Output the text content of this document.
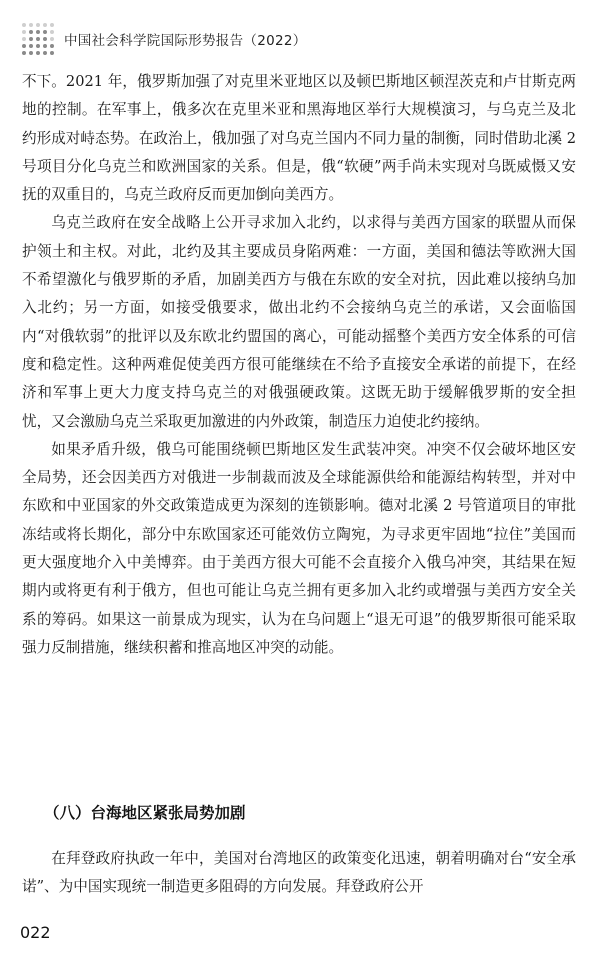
中国社会科学院国际形势报告（2022）

不下。2021 年，俄罗斯加强了对克里米亚地区以及顿巴斯地区顿涅茨克和卢甘斯克两地的控制。在军事上，俄多次在克里米亚和黑海地区举行大规模演习，与乌克兰及北约形成对峙态势。在政治上，俄加强了对乌克兰国内不同力量的制衡，同时借助北溪 2 号项目分化乌克兰和欧洲国家的关系。但是，俄“软硬”两手尚未实现对乌既威慑又安抚的双重目的，乌克兰政府反而更加倒向美西方。

乌克兰政府在安全战略上公开寻求加入北约，以求得与美西方国家的联盟从而保护领土和主权。对此，北约及其主要成员身陷两难：一方面，美国和德法等欧洲大国不希望激化与俄罗斯的矛盾，加剧美西方与俄在东欧的安全对抗，因此难以接纳乌加入北约；另一方面，如接受俄要求，做出北约不会接纳乌克兰的承诺，又会面临国内“对俄软弱”的批评以及东欧北约盟国的离心，可能动摇整个美西方安全体系的可信度和稳定性。这种两难促使美西方很可能继续在不给予直接安全承诺的前提下，在经济和军事上更大力度支持乌克兰的对俄强硬政策。这既无助于缓解俄罗斯的安全担忧，又会激励乌克兰采取更加激进的内外政策，制造压力迫使北约接纳。

如果矛盾升级，俄乌可能围绕顿巴斯地区发生武装冲突。冲突不仅会破坏地区安全局势，还会因美西方对俄进一步制裁而波及全球能源供给和能源结构转型，并对中东欧和中亚国家的外交政策造成更为深刻的连锁影响。德对北溪 2 号管道项目的审批冻结或将长期化，部分中东欧国家还可能效仿立陶宛，为寻求更牢固地“拉住”美国而更大强度地介入中美博弈。由于美西方很大可能不会直接介入俄乌冲突，其结果在短期内或将更有利于俄方，但也可能让乌克兰拥有更多加入北约或增强与美西方安全关系的筹码。如果这一前景成为现实，认为在乌问题上“退无可退”的俄罗斯很可能采取强力反制措施，继续积蓄和推高地区冲突的动能。

（八）台海地区紧张局势加剧

在拜登政府执政一年中，美国对台湾地区的政策变化迅速，朝着明确对台“安全承诺”、为中国实现统一制造更多阻碍的方向发展。拜登政府公开

022
